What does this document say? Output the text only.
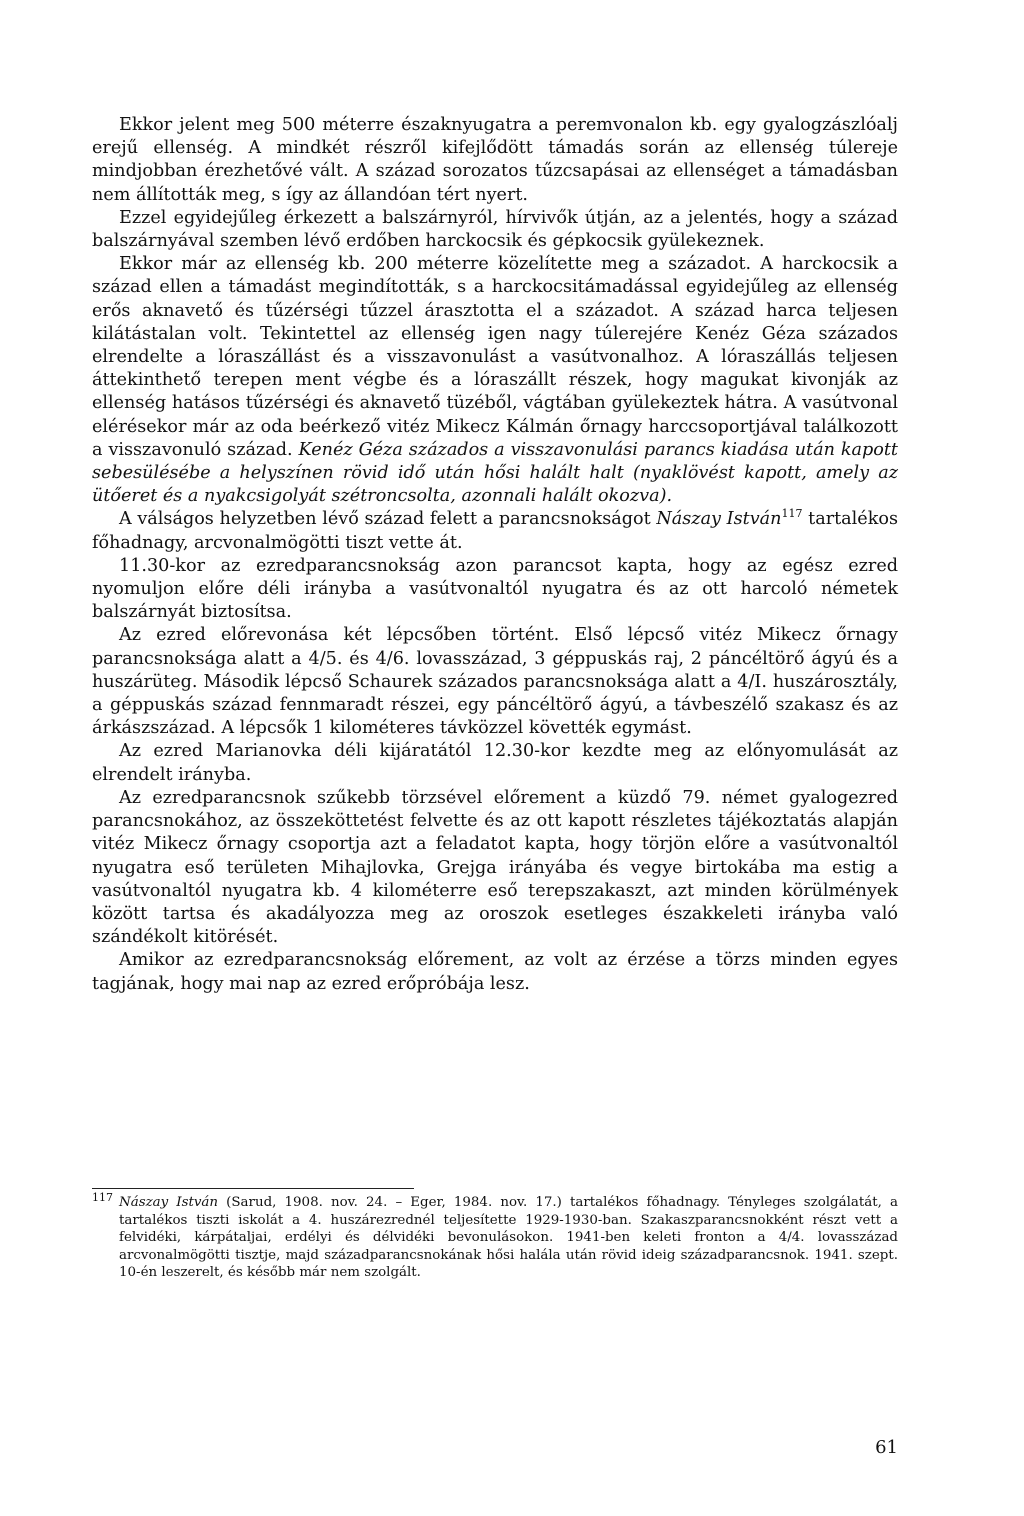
Ekkor jelent meg 500 méterre északnyugatra a peremvonalon kb. egy gyalogzászlóalj erejű ellenség. A mindkét részről kifejlődött támadás során az ellenség túlereje mindjobban érezhetővé vált. A század sorozatos tűzcsapásai az ellenséget a támadásban nem állították meg, s így az állandóan tért nyert.

Ezzel egyidejűleg érkezett a balszárnyról, hírvivők útján, az a jelentés, hogy a század balszárnyával szemben lévő erdőben harckocsik és gépkocsik gyülekeznek.

Ekkor már az ellenség kb. 200 méterre közelítette meg a századot. A harckocsik a század ellen a támadást megindították, s a harckocsitámadással egyidejűleg az ellenség erős aknavető és tűzérségi tűzzel árasztotta el a századot. A század harca teljesen kilátástalan volt. Tekintettel az ellenség igen nagy túlerejére Kenéz Géza százados elrendelte a lóraszállást és a visszavonulást a vasútvonalhoz. A lóraszállás teljesen áttekinthető terepen ment végbe és a lóraszállt részek, hogy magukat kivonják az ellenség hatásos tűzérségi és aknavető tüzéből, vágtában gyülekeztek hátra. A vasútvonal elérésekor már az oda beérkező vitéz Mikecz Kálmán őrnagy harccsoportjával találkozott a visszavonuló század. Kenéz Géza százados a visszavonulási parancs kiadása után kapott sebesülésébe a helyszínen rövid idő után hősi halált halt (nyaklövést kapott, amely az ütőeret és a nyakcsigolyát szétroncsolta, azonnali halált okozva).

A válságos helyzetben lévő század felett a parancsnokságot Nászay István$^{117}$ tartalékos főhadnagy, arcvonalmögötti tiszt vette át.

11.30-kor az ezredparancsnokság azon parancsot kapta, hogy az egész ezred nyomuljon előre déli irányba a vasútvonaltól nyugatra és az ott harcoló németek balszárnyát biztosítsa.

Az ezred előrevonása két lépcsőben történt. Első lépcső vitéz Mikecz őrnagy parancsnoksága alatt a 4/5. és 4/6. lovasszázad, 3 géppuskás raj, 2 páncéltörő ágyú és a huszárüteg. Második lépcső Schaurek százados parancsnoksága alatt a 4/I. huszárosztály, a géppuskás század fennmaradt részei, egy páncéltörő ágyú, a távbeszélő szakasz és az árkászszázad. A lépcsők 1 kilométeres távközzel követték egymást.

Az ezred Marianovka déli kijáratától 12.30-kor kezdte meg az előnyomulását az elrendelt irányba.

Az ezredparancsnok szűkebb törzsével előrement a küzdő 79. német gyalogezred parancsnokához, az összeköttetést felvette és az ott kapott részletes tájékoztatás alapján vitéz Mikecz őrnagy csoportja azt a feladatot kapta, hogy törjön előre a vasútvonaltól nyugatra eső területen Mihajlovka, Grejga irányába és vegye birtokába ma estig a vasútvonaltól nyugatra kb. 4 kilométerre eső terepszakaszt, azt minden körülmények között tartsa és akadályozza meg az oroszok esetleges északkeleti irányba való szándékolt kitörését.

Amikor az ezredparancsnokság előrement, az volt az érzése a törzs minden egyes tagjának, hogy mai nap az ezred erőpróbája lesz.

117 Nászay István (Sarud, 1908. nov. 24. – Eger, 1984. nov. 17.) tartalékos főhadnagy. Tényleges szolgálatát, a tartalékos tiszti iskolát a 4. huszárezrednél teljesítette 1929-1930-ban. Szakaszparancsnokként részt vett a felvidéki, kárpátaljai, erdélyi és délvidéki bevonulásokon. 1941-ben keleti fronton a 4/4. lovasszázad arcvonalmögötti tisztje, majd századparancsnokának hősi halála után rövid ideig századparancsnok. 1941. szept. 10-én leszerelt, és később már nem szolgált.

61
